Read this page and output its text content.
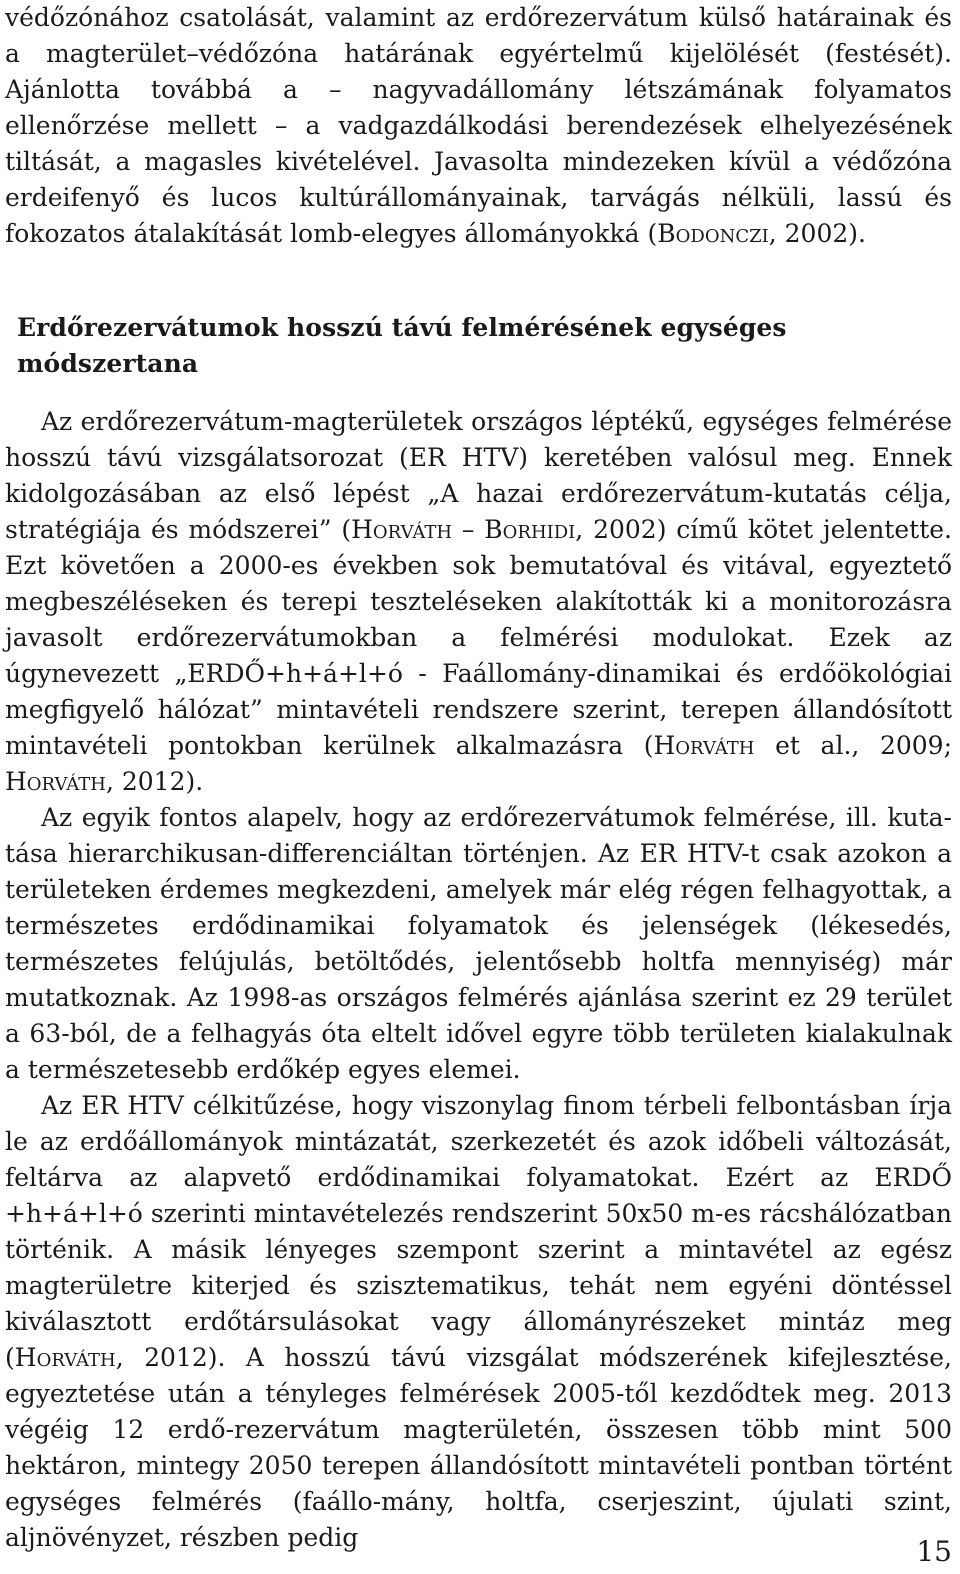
védőzónához csatolását, valamint az erdőrezervátum külső határainak és a magterület–védőzóna határának egyértelmű kijelölését (festését). Ajánlotta továbbá a – nagyvadállomány létszámának folyamatos ellenőrzése mellett – a vadgazdálkodási berendezések elhelyezésének tiltását, a magasles kivételével. Javasolta mindezeken kívül a védőzóna erdeifenyő és lucos kultúrállományainak, tarvágás nélküli, lassú és fokozatos átalakítását lomb-elegyes állományokká (Bodonczi, 2002).

Erdőrezervátumok hosszú távú felmérésének egységes módszertana

Az erdőrezervátum-magterületek országos léptékű, egységes felmérése hosszú távú vizsgálatsorozat (ER HTV) keretében valósul meg. Ennek kidolgozásában az első lépést „A hazai erdőrezervátum-kutatás célja, stratégiája és módszerei” (Horváth – Borhidi, 2002) című kötet jelentette. Ezt követően a 2000-es években sok bemutatóval és vitával, egyeztető megbeszéléseken és terepi teszteléseken alakították ki a monitorozásra javasolt erdőrezervátumokban a felmérési modulokat. Ezek az úgynevezett „ERDŐ+h+á+l+ó - Faállomány-dinamikai és erdőökológiai megfigyelő hálózat” mintavételi rendszere szerint, terepen állandósított mintavételi pontokban kerülnek alkalmazásra (Horváth et al., 2009; Horváth, 2012).

Az egyik fontos alapelv, hogy az erdőrezervátumok felmérése, ill. kuta-tása hierarchikusan-differenciáltan történjen. Az ER HTV-t csak azokon a területeken érdemes megkezdeni, amelyek már elég régen felhagyottak, a természetes erdődinamikai folyamatok és jelenségek (lékesedés, természetes felújulás, betöltődés, jelentősebb holtfa mennyiség) már mutatkoznak. Az 1998-as országos felmérés ajánlása szerint ez 29 terület a 63-ból, de a felhagyás óta eltelt idővel egyre több területen kialakulnak a természetesebb erdőkép egyes elemei.

Az ER HTV célkitűzése, hogy viszonylag finom térbeli felbontásban írja le az erdőállományok mintázatát, szerkezetét és azok időbeli változását, feltárva az alapvető erdődinamikai folyamatokat. Ezért az ERDŐ +h+á+l+ó szerinti mintavételezés rendszerint 50x50 m-es rácshálózatban történik. A másik lényeges szempont szerint a mintavétel az egész magterületre kiterjed és szisztematikus, tehát nem egyéni döntéssel kiválasztott erdőtársulásokat vagy állományrészeket mintáz meg (Horváth, 2012). A hosszú távú vizsgálat módszerének kifejlesztése, egyeztetése után a tényleges felmérések 2005-től kezdődtek meg. 2013 végéig 12 erdő-rezervátum magterületén, összesen több mint 500 hektáron, mintegy 2050 terepen állandósított mintavételi pontban történt egységes felmérés (faállo-mány, holtfa, cserjeszint, újulati szint, aljnövényzet, részben pedig	15
